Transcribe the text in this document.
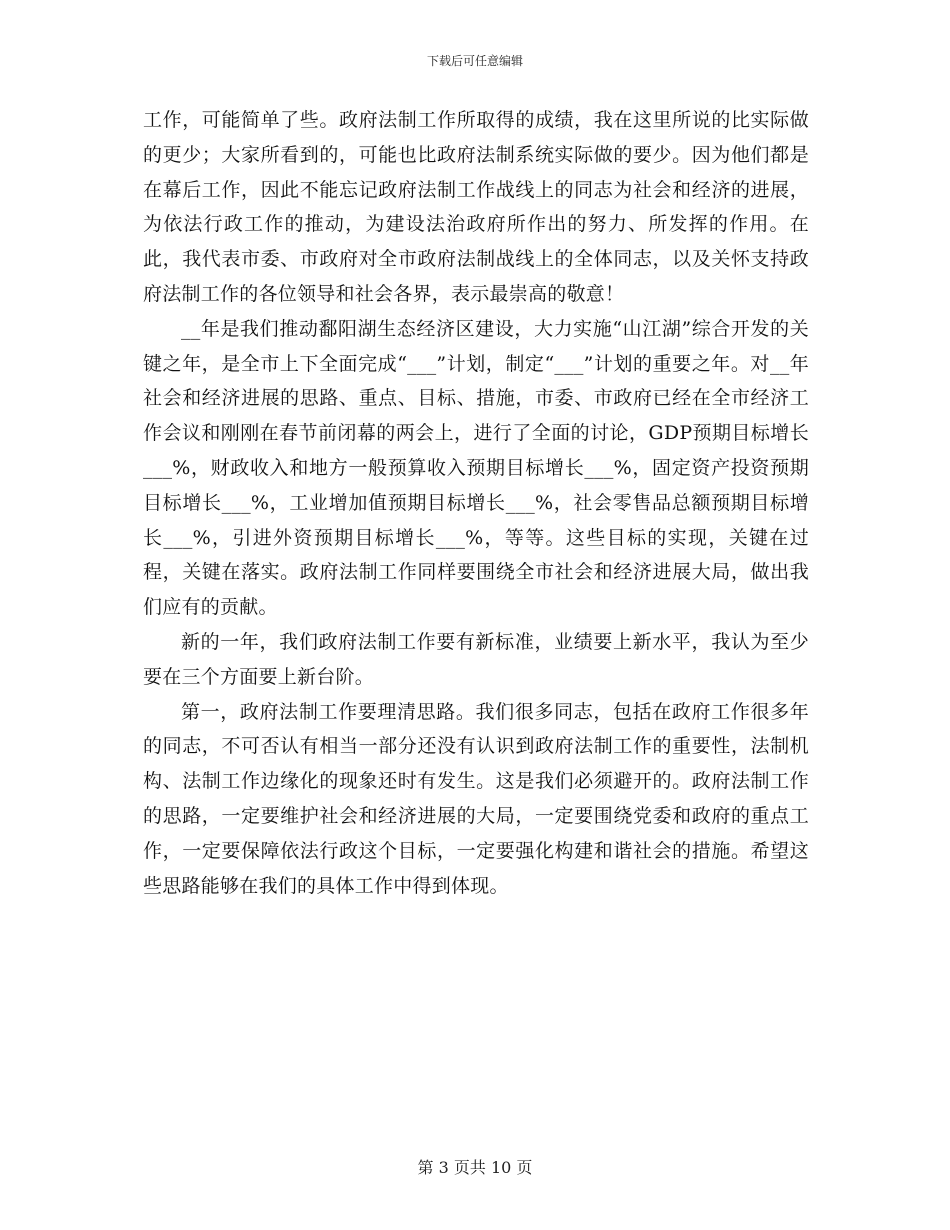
下载后可任意编辑

工作，可能简单了些。政府法制工作所取得的成绩，我在这里所说的比实际做的更少；大家所看到的，可能也比政府法制系统实际做的要少。因为他们都是在幕后工作，因此不能忘记政府法制工作战线上的同志为社会和经济的进展，为依法行政工作的推动，为建设法治政府所作出的努力、所发挥的作用。在此，我代表市委、市政府对全市政府法制战线上的全体同志，以及关怀支持政府法制工作的各位领导和社会各界，表示最崇高的敬意！

__年是我们推动鄱阳湖生态经济区建设，大力实施“山江湖”综合开发的关键之年，是全市上下全面完成“___”计划，制定“___”计划的重要之年。对__年社会和经济进展的思路、重点、目标、措施，市委、市政府已经在全市经济工作会议和刚刚在春节前闭幕的两会上，进行了全面的讨论，GDP预期目标增长___%，财政收入和地方一般预算收入预期目标增长___%，固定资产投资预期目标增长___%，工业增加值预期目标增长___%，社会零售品总额预期目标增长___%，引进外资预期目标增长___%，等等。这些目标的实现，关键在过程，关键在落实。政府法制工作同样要围绕全市社会和经济进展大局，做出我们应有的贡献。

新的一年，我们政府法制工作要有新标准，业绩要上新水平，我认为至少要在三个方面要上新台阶。

第一，政府法制工作要理清思路。我们很多同志，包括在政府工作很多年的同志，不可否认有相当一部分还没有认识到政府法制工作的重要性，法制机构、法制工作边缘化的现象还时有发生。这是我们必须避开的。政府法制工作的思路，一定要维护社会和经济进展的大局，一定要围绕党委和政府的重点工作，一定要保障依法行政这个目标，一定要强化构建和谐社会的措施。希望这些思路能够在我们的具体工作中得到体现。

第 3 页共 10 页
